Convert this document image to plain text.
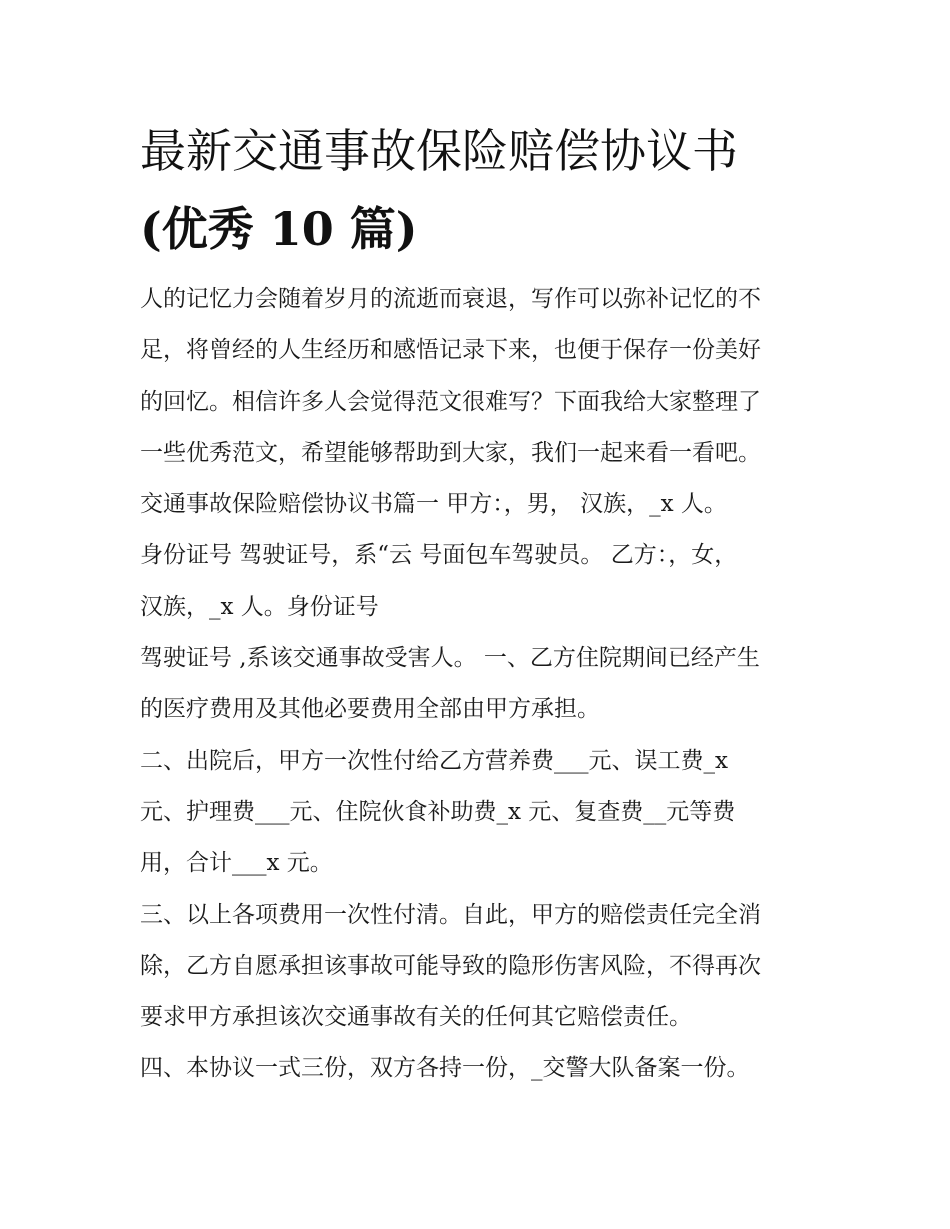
最新交通事故保险赔偿协议书
(优秀 10 篇)
人的记忆力会随着岁月的流逝而衰退，写作可以弥补记忆的不
足，将曾经的人生经历和感悟记录下来，也便于保存一份美好
的回忆。相信许多人会觉得范文很难写？下面我给大家整理了
一些优秀范文，希望能够帮助到大家，我们一起来看一看吧。
交通事故保险赔偿协议书篇一 甲方：，男， 汉族，_x 人。
身份证号 驾驶证号，系“云 号面包车驾驶员。 乙方：，女，
汉族，_x 人。身份证号
驾驶证号 ,系该交通事故受害人。 一、乙方住院期间已经产生
的医疗费用及其他必要费用全部由甲方承担。
二、出院后，甲方一次性付给乙方营养费___元、误工费_x
元、护理费___元、住院伙食补助费_x 元、复查费__元等费
用，合计___x 元。
三、以上各项费用一次性付清。自此，甲方的赔偿责任完全消
除，乙方自愿承担该事故可能导致的隐形伤害风险，不得再次
要求甲方承担该次交通事故有关的任何其它赔偿责任。
四、本协议一式三份，双方各持一份，_交警大队备案一份。
